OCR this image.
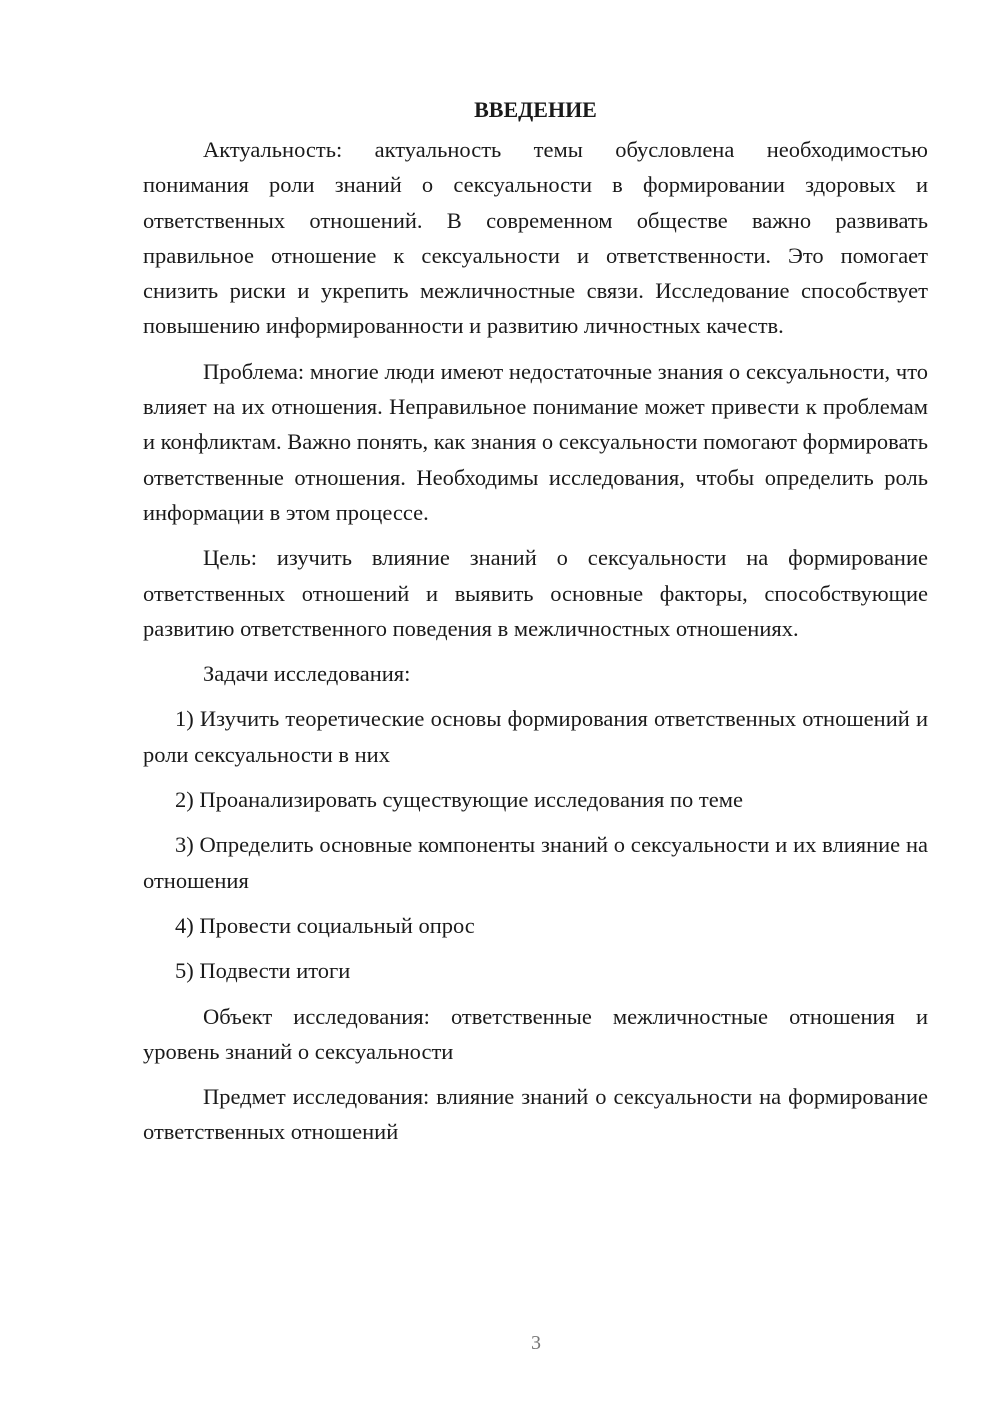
ВВЕДЕНИЕ

Актуальность: актуальность темы обусловлена необходимостью понимания роли знаний о сексуальности в формировании здоровых и ответственных отношений. В современном обществе важно развивать правильное отношение к сексуальности и ответственности. Это помогает снизить риски и укрепить межличностные связи. Исследование способствует повышению информированности и развитию личностных качеств.

Проблема: многие люди имеют недостаточные знания о сексуальности, что влияет на их отношения. Неправильное понимание может привести к проблемам и конфликтам. Важно понять, как знания о сексуальности помогают формировать ответственные отношения. Необходимы исследования, чтобы определить роль информации в этом процессе.

Цель: изучить влияние знаний о сексуальности на формирование ответственных отношений и выявить основные факторы, способствующие развитию ответственного поведения в межличностных отношениях.

Задачи исследования:

1) Изучить теоретические основы формирования ответственных отношений и роли сексуальности в них

2) Проанализировать существующие исследования по теме

3) Определить основные компоненты знаний о сексуальности и их влияние на отношения

4) Провести социальный опрос

5) Подвести итоги

Объект исследования: ответственные межличностные отношения и уровень знаний о сексуальности

Предмет исследования: влияние знаний о сексуальности на формирование ответственных отношений

3
